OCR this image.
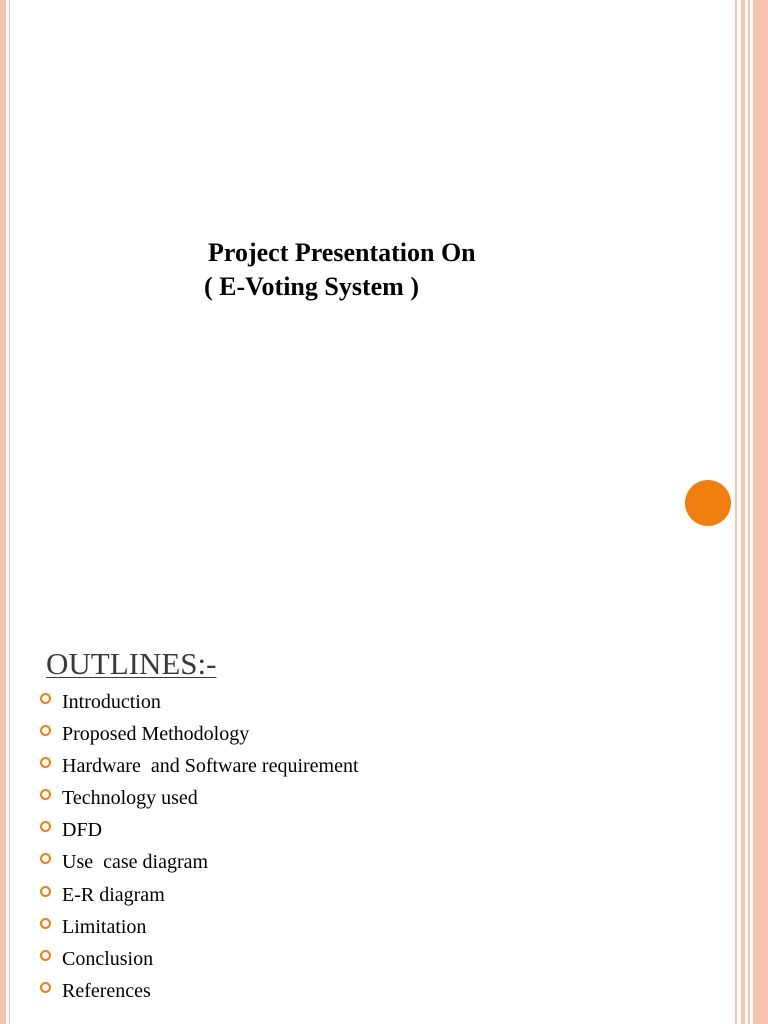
Project Presentation On
( E-Voting System )
OUTLINES:-
Introduction
Proposed Methodology
Hardware  and Software requirement
Technology used
DFD
Use  case diagram
E-R diagram
Limitation
Conclusion
References
